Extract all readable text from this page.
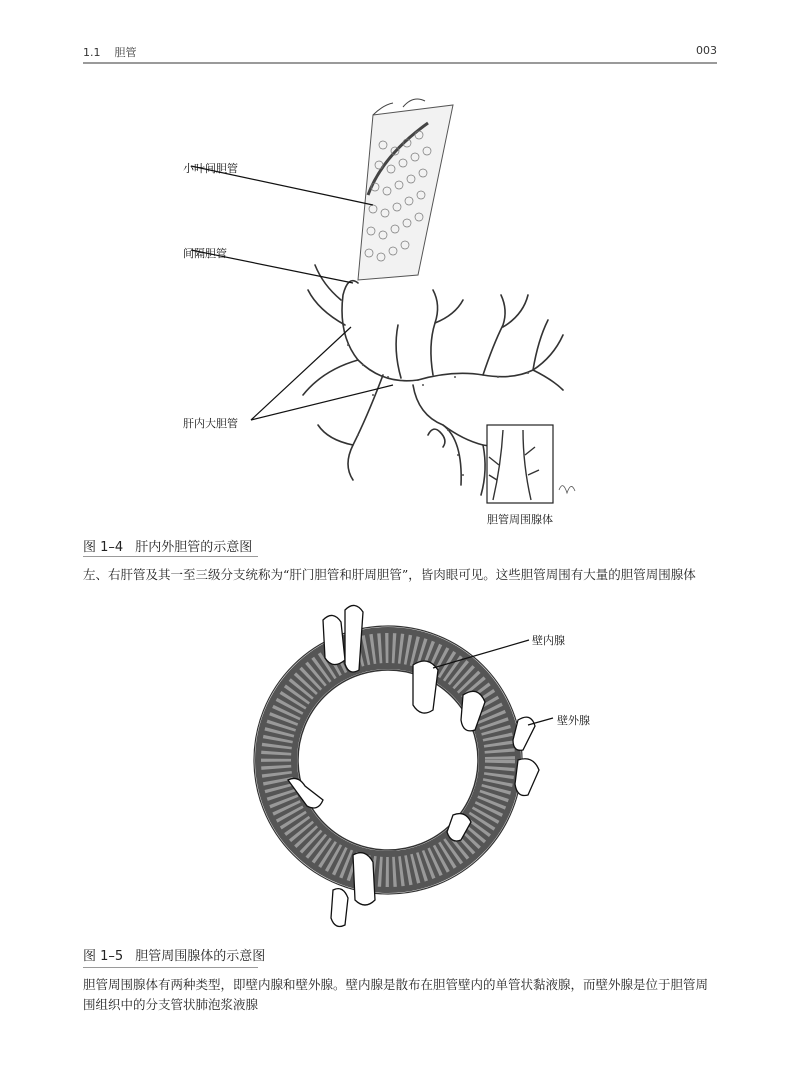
1.1 胆管	003
小叶间胆管
间隔胆管
肝内大胆管
胆管周围腺体
图 1–4 肝内外胆管的示意图
左、右肝管及其一至三级分支统称为“肝门胆管和肝周胆管”，皆肉眼可见。这些胆管周围有大量的胆管周围腺体
壁内腺
壁外腺
图 1–5 胆管周围腺体的示意图
胆管周围腺体有两种类型，即壁内腺和壁外腺。壁内腺是散布在胆管壁内的单管状黏液腺，而壁外腺是位于胆管周围组织中的分支管状肺泡浆液腺
